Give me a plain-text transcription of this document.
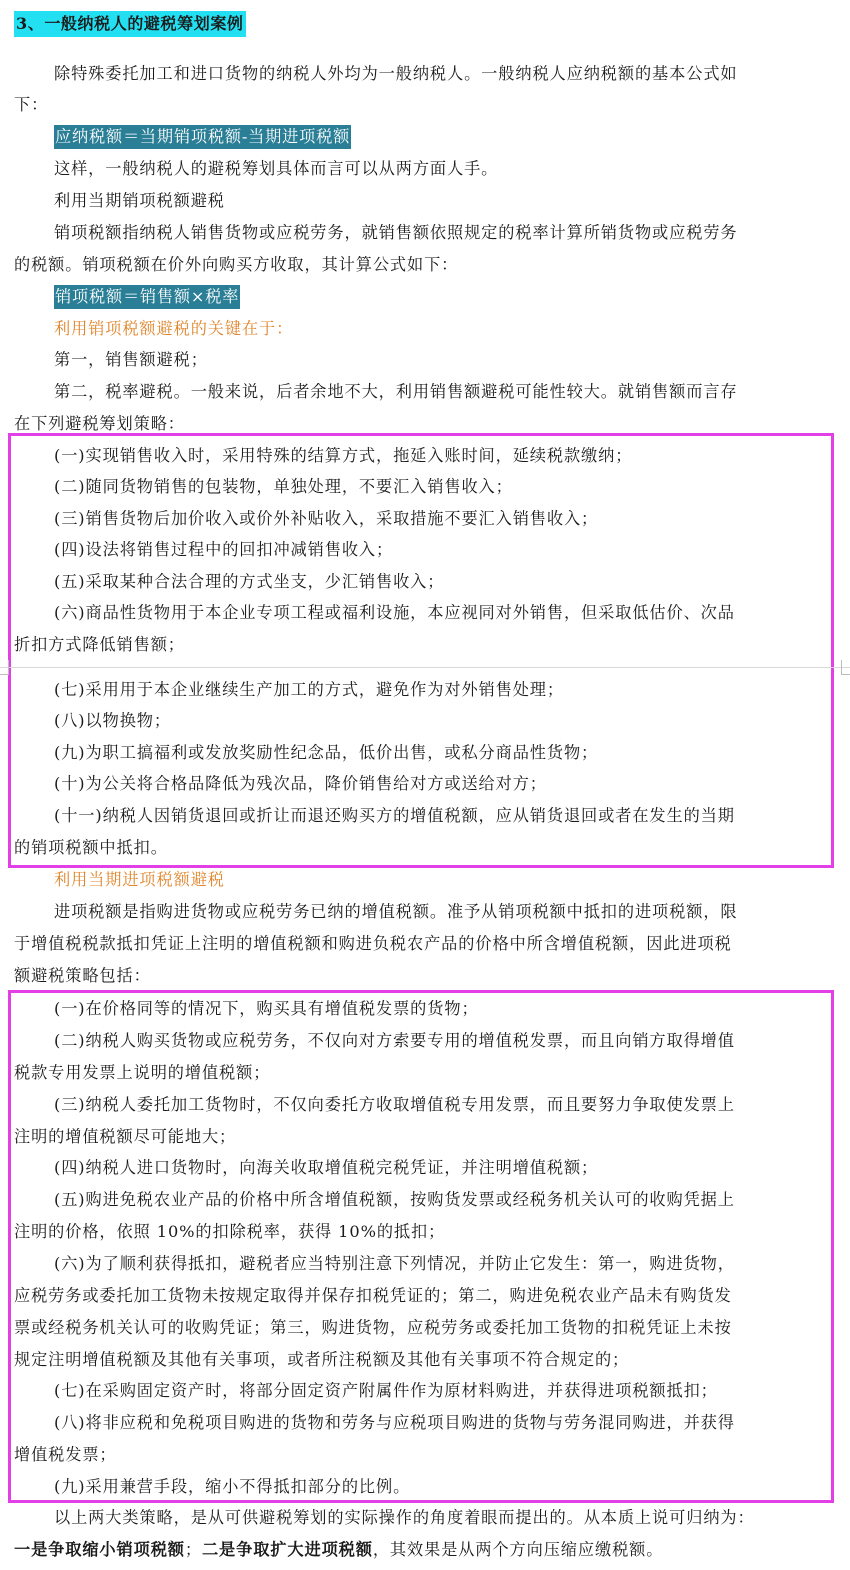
3、一般纳税人的避税筹划案例
除特殊委托加工和进口货物的纳税人外均为一般纳税人。一般纳税人应纳税额的基本公式如
下：
应纳税额＝当期销项税额-当期进项税额
这样，一般纳税人的避税筹划具体而言可以从两方面人手。
利用当期销项税额避税
销项税额指纳税人销售货物或应税劳务，就销售额依照规定的税率计算所销货物或应税劳务
的税额。销项税额在价外向购买方收取，其计算公式如下：
销项税额＝销售额×税率
利用销项税额避税的关键在于：
第一，销售额避税；
第二，税率避税。一般来说，后者余地不大，利用销售额避税可能性较大。就销售额而言存
在下列避税筹划策略：
(一)实现销售收入时，采用特殊的结算方式，拖延入账时间，延续税款缴纳；
(二)随同货物销售的包装物，单独处理，不要汇入销售收入；
(三)销售货物后加价收入或价外补贴收入，采取措施不要汇入销售收入；
(四)设法将销售过程中的回扣冲减销售收入；
(五)采取某种合法合理的方式坐支，少汇销售收入；
(六)商品性货物用于本企业专项工程或福利设施，本应视同对外销售，但采取低估价、次品
折扣方式降低销售额；
(七)采用用于本企业继续生产加工的方式，避免作为对外销售处理；
(八)以物换物；
(九)为职工搞福利或发放奖励性纪念品，低价出售，或私分商品性货物；
(十)为公关将合格品降低为残次品，降价销售给对方或送给对方；
(十一)纳税人因销货退回或折让而退还购买方的增值税额，应从销货退回或者在发生的当期
的销项税额中抵扣。
利用当期进项税额避税
进项税额是指购进货物或应税劳务已纳的增值税额。准予从销项税额中抵扣的进项税额，限
于增值税税款抵扣凭证上注明的增值税额和购进负税农产品的价格中所含增值税额，因此进项税
额避税策略包括：
(一)在价格同等的情况下，购买具有增值税发票的货物；
(二)纳税人购买货物或应税劳务，不仅向对方索要专用的增值税发票，而且向销方取得增值
税款专用发票上说明的增值税额；
(三)纳税人委托加工货物时，不仅向委托方收取增值税专用发票，而且要努力争取使发票上
注明的增值税额尽可能地大；
(四)纳税人进口货物时，向海关收取增值税完税凭证，并注明增值税额；
(五)购进免税农业产品的价格中所含增值税额，按购货发票或经税务机关认可的收购凭据上
注明的价格，依照 10%的扣除税率，获得 10%的抵扣；
(六)为了顺利获得抵扣，避税者应当特别注意下列情况，并防止它发生：第一，购进货物，
应税劳务或委托加工货物未按规定取得并保存扣税凭证的；第二，购进免税农业产品未有购货发
票或经税务机关认可的收购凭证；第三，购进货物，应税劳务或委托加工货物的扣税凭证上未按
规定注明增值税额及其他有关事项，或者所注税额及其他有关事项不符合规定的；
(七)在采购固定资产时，将部分固定资产附属件作为原材料购进，并获得进项税额抵扣；
(八)将非应税和免税项目购进的货物和劳务与应税项目购进的货物与劳务混同购进，并获得
增值税发票；
(九)采用兼营手段，缩小不得抵扣部分的比例。
以上两大类策略，是从可供避税筹划的实际操作的角度着眼而提出的。从本质上说可归纳为：
一是争取缩小销项税额；二是争取扩大进项税额，其效果是从两个方向压缩应缴税额。
